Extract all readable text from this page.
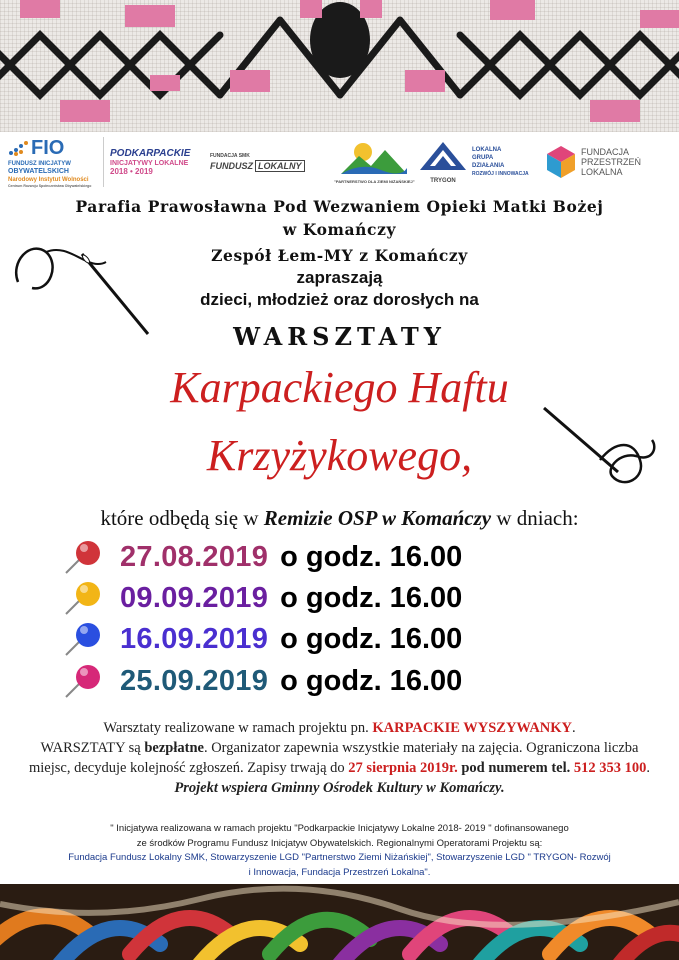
FIO
FUNDUSZ INICJATYW
OBYWATELSKICH
Narodowy Instytut Wolności
Centrum Rozwoju Społeczeństwa Obywatelskiego
PODKARPACKIE
INICJATYWY LOKALNE
2018 • 2019
FUNDACJA SMK
FUNDUSZ LOKALNY
"PARTNERSTWO DLA ZIEMI NIŻAŃSKIEJ"	TRYGON
LOKALNA
GRUPA
DZIAŁANIA
ROZWÓJ I INNOWACJA
FUNDACJA
PRZESTRZEŃ
LOKALNA
Parafia Prawosławna Pod Wezwaniem Opieki Matki Bożej
w Komańczy
Zespół Łem-MY z Komańczy
zapraszają
dzieci, młodzież oraz dorosłych na
WARSZTATY
Karpackiego Haftu
Krzyżykowego,
które odbędą się w Remizie OSP w Komańczy w dniach:
27.08.2019 o godz. 16.00
09.09.2019 o godz. 16.00
16.09.2019 o godz. 16.00
25.09.2019 o godz. 16.00
Warsztaty realizowane w ramach projektu pn. KARPACKIE WYSZYWANKY.
WARSZTATY są bezpłatne. Organizator zapewnia wszystkie materiały na zajęcia. Ograniczona liczba
miejsc, decyduje kolejność zgłoszeń. Zapisy trwają do 27 sierpnia 2019r. pod numerem tel. 512 353 100.
Projekt wspiera Gminny Ośrodek Kultury w Komańczy.
" Inicjatywa realizowana w ramach projektu "Podkarpackie Inicjatywy Lokalne 2018- 2019 " dofinansowanego
ze środków Programu Fundusz Inicjatyw Obywatelskich. Regionalnymi Operatorami Projektu są:
Fundacja Fundusz Lokalny SMK, Stowarzyszenie LGD "Partnerstwo Ziemi Niżańskiej", Stowarzyszenie LGD " TRYGON- Rozwój
i Innowacja, Fundacja Przestrzeń Lokalna".
